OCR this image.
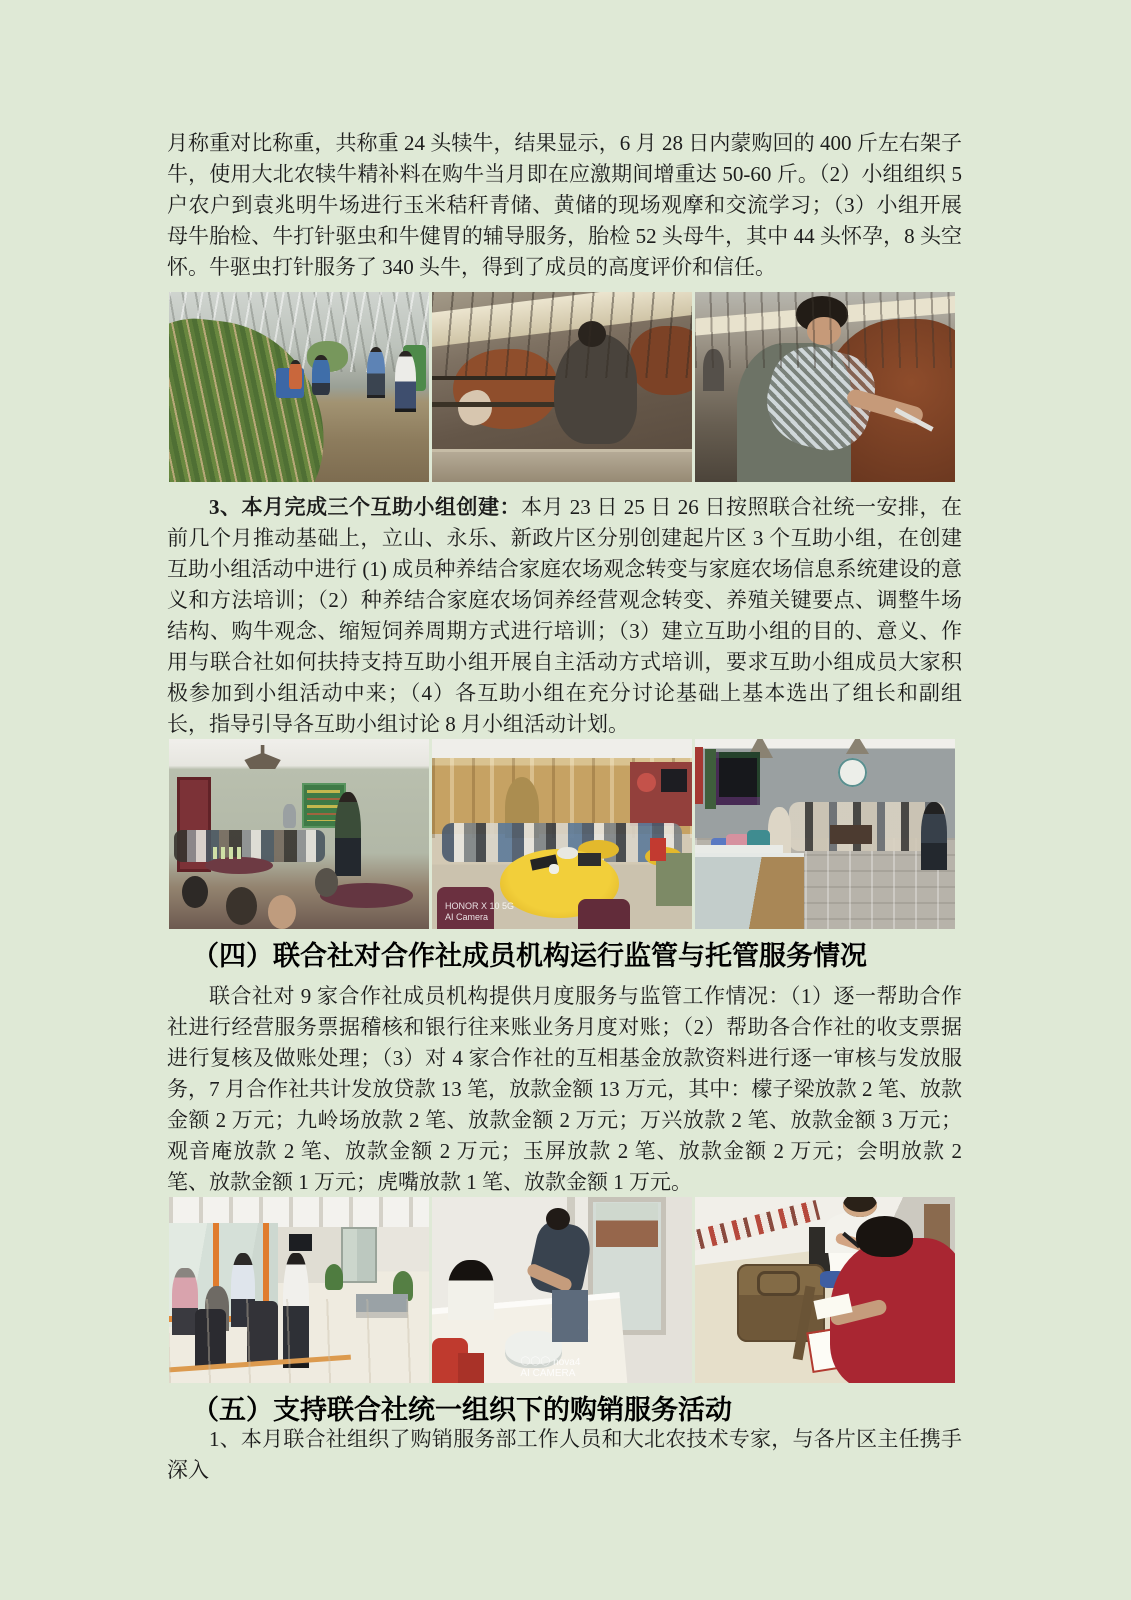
月称重对比称重，共称重 24 头犊牛，结果显示，6 月 28 日内蒙购回的 400 斤左右架子牛，使用大北农犊牛精补料在购牛当月即在应激期间增重达 50-60 斤。（2）小组组织 5 户农户到袁兆明牛场进行玉米秸秆青储、黄储的现场观摩和交流学习；（3）小组开展母牛胎检、牛打针驱虫和牛健胃的辅导服务，胎检 52 头母牛，其中 44 头怀孕，8 头空怀。牛驱虫打针服务了 340 头牛，得到了成员的高度评价和信任。
3、本月完成三个互助小组创建：本月 23 日 25 日 26 日按照联合社统一安排，在前几个月推动基础上，立山、永乐、新政片区分别创建起片区 3 个互助小组，在创建互助小组活动中进行 (1) 成员种养结合家庭农场观念转变与家庭农场信息系统建设的意义和方法培训；（2）种养结合家庭农场饲养经营观念转变、养殖关键要点、调整牛场结构、购牛观念、缩短饲养周期方式进行培训；（3）建立互助小组的目的、意义、作用与联合社如何扶持支持互助小组开展自主活动方式培训，要求互助小组成员大家积极参加到小组活动中来；（4）各互助小组在充分讨论基础上基本选出了组长和副组长，指导引导各互助小组讨论 8 月小组活动计划。
HONOR X 10 5G
AI Camera
（四）联合社对合作社成员机构运行监管与托管服务情况
联合社对 9 家合作社成员机构提供月度服务与监管工作情况：（1）逐一帮助合作社进行经营服务票据稽核和银行往来账业务月度对账；（2）帮助各合作社的收支票据进行复核及做账处理；（3）对 4 家合作社的互相基金放款资料进行逐一审核与发放服务，7 月合作社共计发放贷款 13 笔，放款金额 13 万元，其中：檬子梁放款 2 笔、放款金额 2 万元；九岭场放款 2 笔、放款金额 2 万元；万兴放款 2 笔、放款金额 3 万元；观音庵放款 2 笔、放款金额 2 万元；玉屏放款 2 笔、放款金额 2 万元；会明放款 2 笔、放款金额 1 万元；虎嘴放款 1 笔、放款金额 1 万元。
〇〇〇 nova4
AI CAMERA
（五）支持联合社统一组织下的购销服务活动
1、本月联合社组织了购销服务部工作人员和大北农技术专家，与各片区主任携手深入
